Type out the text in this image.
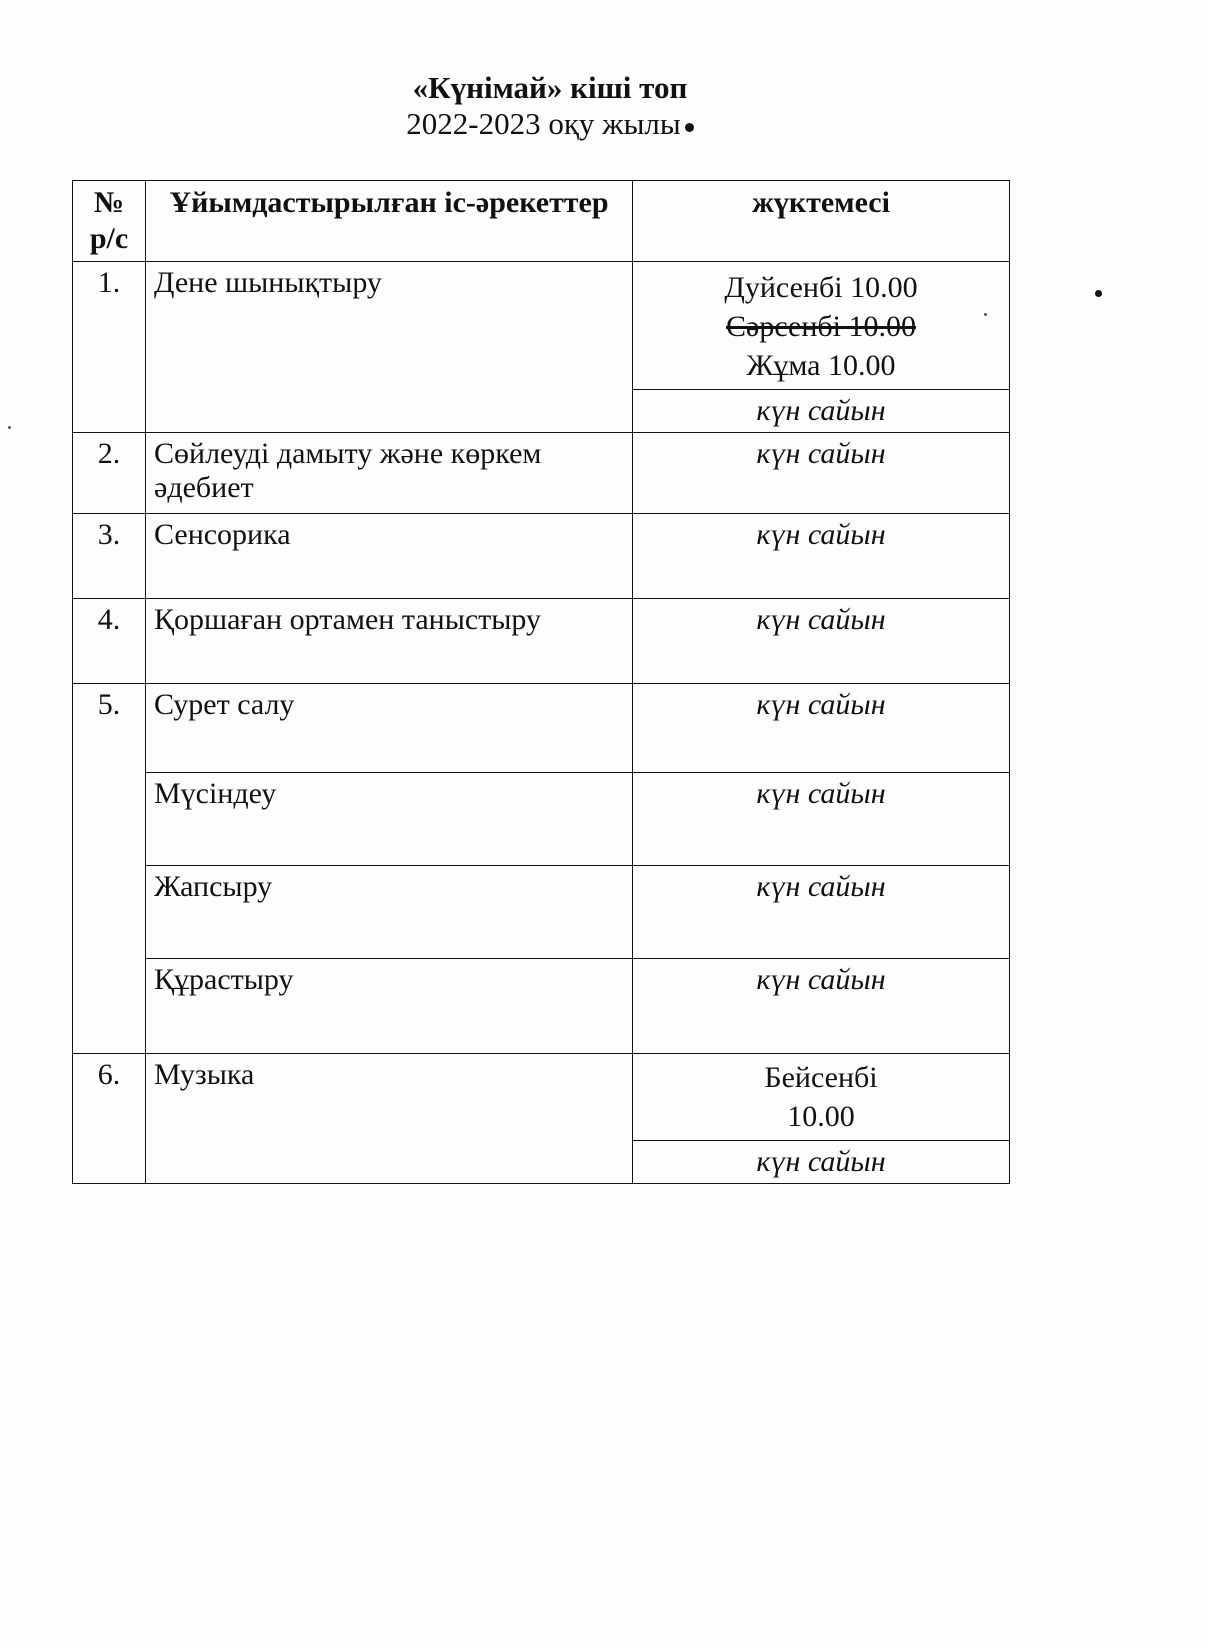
«Күнімай» кіші топ
2022-2023 оқу жылы
№ р/с	Ұйымдастырылған іс-әрекеттер	жүктемесі
1.	Дене шынықтыру	Дуйсенбі 10.00
Сәрсенбі 10.00
Жұма 10.00

		күн сайын
2.	Сөйлеуді дамыту және көркем әдебиет	күн сайын
3.	Сенсорика	күн сайын
4.	Қоршаған ортамен таныстыру	күн сайын
5.	Сурет салу	күн сайын
	Мүсіндеу	күн сайын
	Жапсыру	күн сайын
	Құрастыру	күн сайын
6.	Музыка	Бейсенбі
10.00

		күн сайын
